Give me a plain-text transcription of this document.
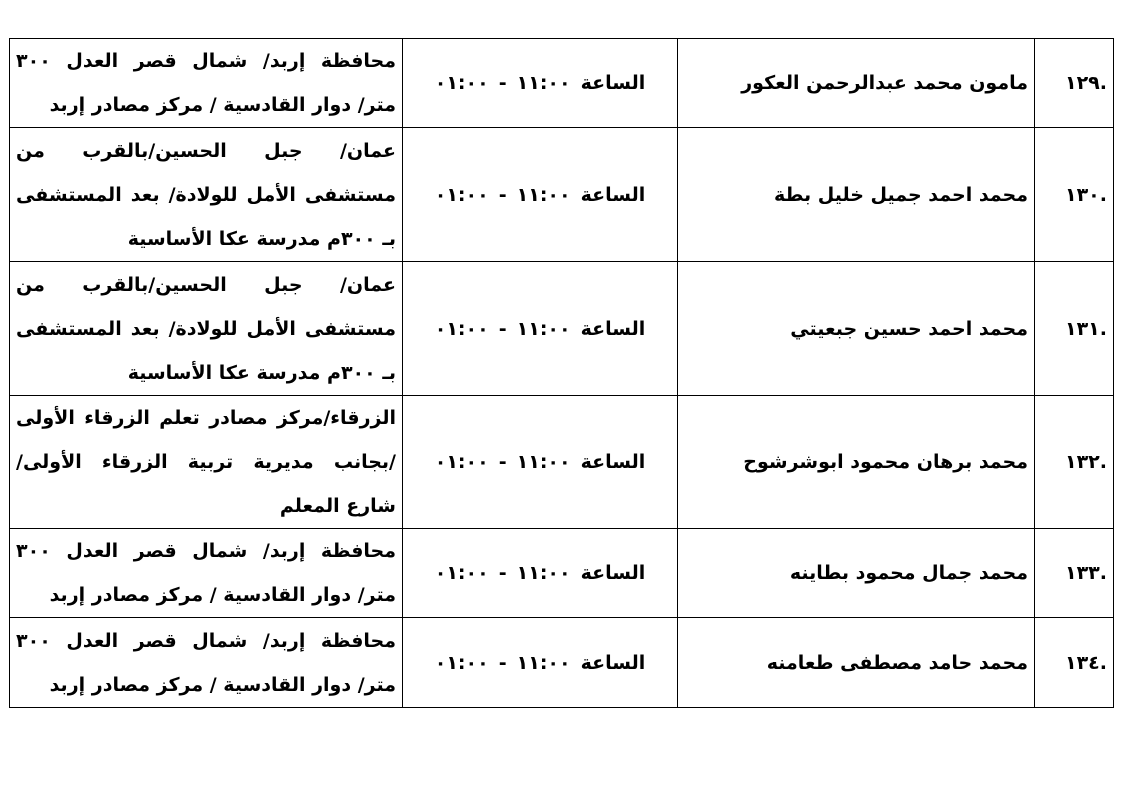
.١٢٩	مامون محمد عبدالرحمن العكور	الساعة١١:٠٠-٠١:٠٠	محافظة إربد/ شمال قصر العدل ٣٠٠ متر/ دوار القادسية / مركز مصادر إربد
.١٣٠	محمد احمد جميل خليل بطة	الساعة١١:٠٠-٠١:٠٠	عمان/ جبل الحسين/بالقرب من مستشفى الأمل للولادة/ بعد المستشفى بـ ٣٠٠م مدرسة عكا الأساسية
.١٣١	محمد احمد حسين جبعيتي	الساعة١١:٠٠-٠١:٠٠	عمان/ جبل الحسين/بالقرب من مستشفى الأمل للولادة/ بعد المستشفى بـ ٣٠٠م مدرسة عكا الأساسية
.١٣٢	محمد برهان محمود ابوشرشوح	الساعة١١:٠٠-٠١:٠٠	الزرقاء/مركز مصادر تعلم الزرقاء الأولى /بجانب مديرية تربية الزرقاء الأولى/ شارع المعلم
.١٣٣	محمد جمال محمود بطاينه	الساعة١١:٠٠-٠١:٠٠	محافظة إربد/ شمال قصر العدل ٣٠٠ متر/ دوار القادسية / مركز مصادر إربد
.١٣٤	محمد حامد مصطفى طعامنه	الساعة١١:٠٠-٠١:٠٠	محافظة إربد/ شمال قصر العدل ٣٠٠ متر/ دوار القادسية / مركز مصادر إربد
